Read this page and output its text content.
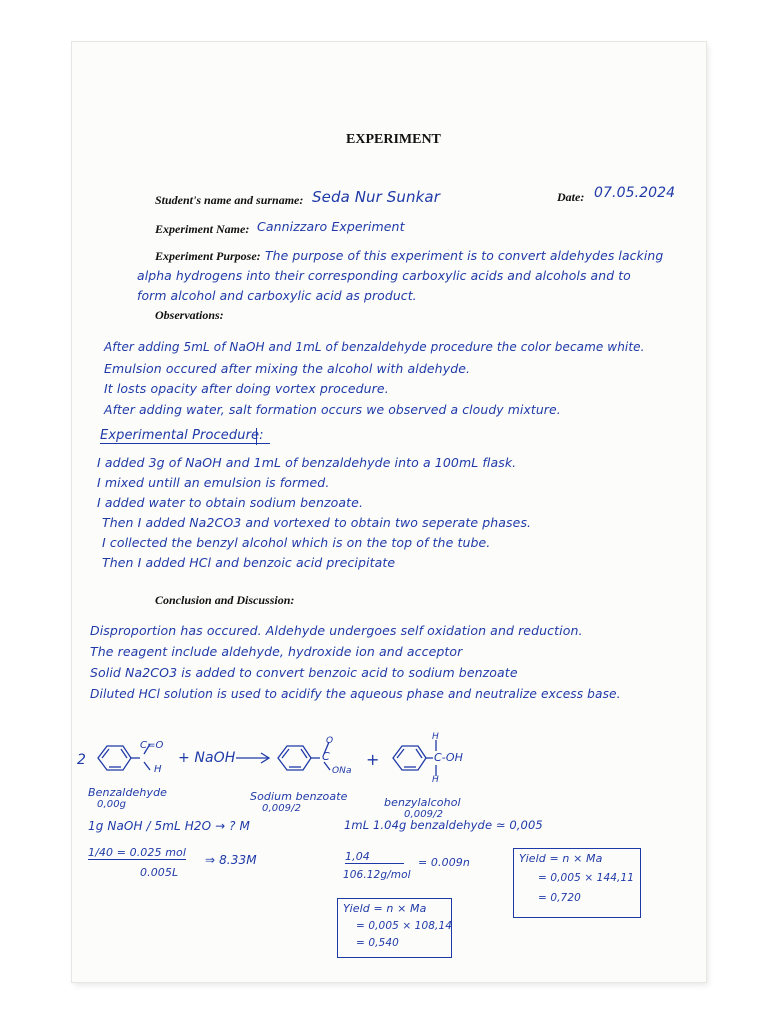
EXPERIMENT
Student's name and surname: Seda Nur Sunkar	Date: 07.05.2024
Experiment Name: Cannizzaro Experiment
Experiment Purpose: The purpose of this experiment is to convert aldehydes lacking
alpha hydrogens into their corresponding carboxylic acids and alcohols and to
form alcohol and carboxylic acid as product.
Observations:
After adding 5mL of NaOH and 1mL of benzaldehyde procedure the color became white.
Emulsion occured after mixing the alcohol with aldehyde.
It losts opacity after doing vortex procedure.
After adding water, salt formation occurs we observed a cloudy mixture.
Experimental Procedure:
I added 3g of NaOH and 1mL of benzaldehyde into a 100mL flask.
I mixed untill an emulsion is formed.
I added water to obtain sodium benzoate.
Then I added Na2CO3 and vortexed to obtain two seperate phases.
I collected the benzyl alcohol which is on the top of the tube.
Then I added HCl and benzoic acid precipitate
Conclusion and Discussion:
Disproportion has occured. Aldehyde undergoes self oxidation and reduction.
The reagent include aldehyde, hydroxide ion and acceptor
Solid Na2CO3 is added to convert benzoic acid to sodium benzoate
Diluted HCl solution is used to acidify the aqueous phase and neutralize excess base.
2
C=O
H
+ NaOH	C
O
ONa
+
H
C-OH
H
Benzaldehyde
0,00g
Sodium benzoate
0,009/2	benzylalcohol
0,009/2
1g NaOH / 5mL H2O → ? M
1/40 = 0.025 mol
0.005L
⇒ 8.33M
1mL 1.04g benzaldehyde ≃ 0,005
1,04
106.12g/mol
= 0.009n
Yield = n × Ma
= 0,005 × 108,14
= 0,540
Yield = n × Ma
= 0,005 × 144,11
= 0,720
